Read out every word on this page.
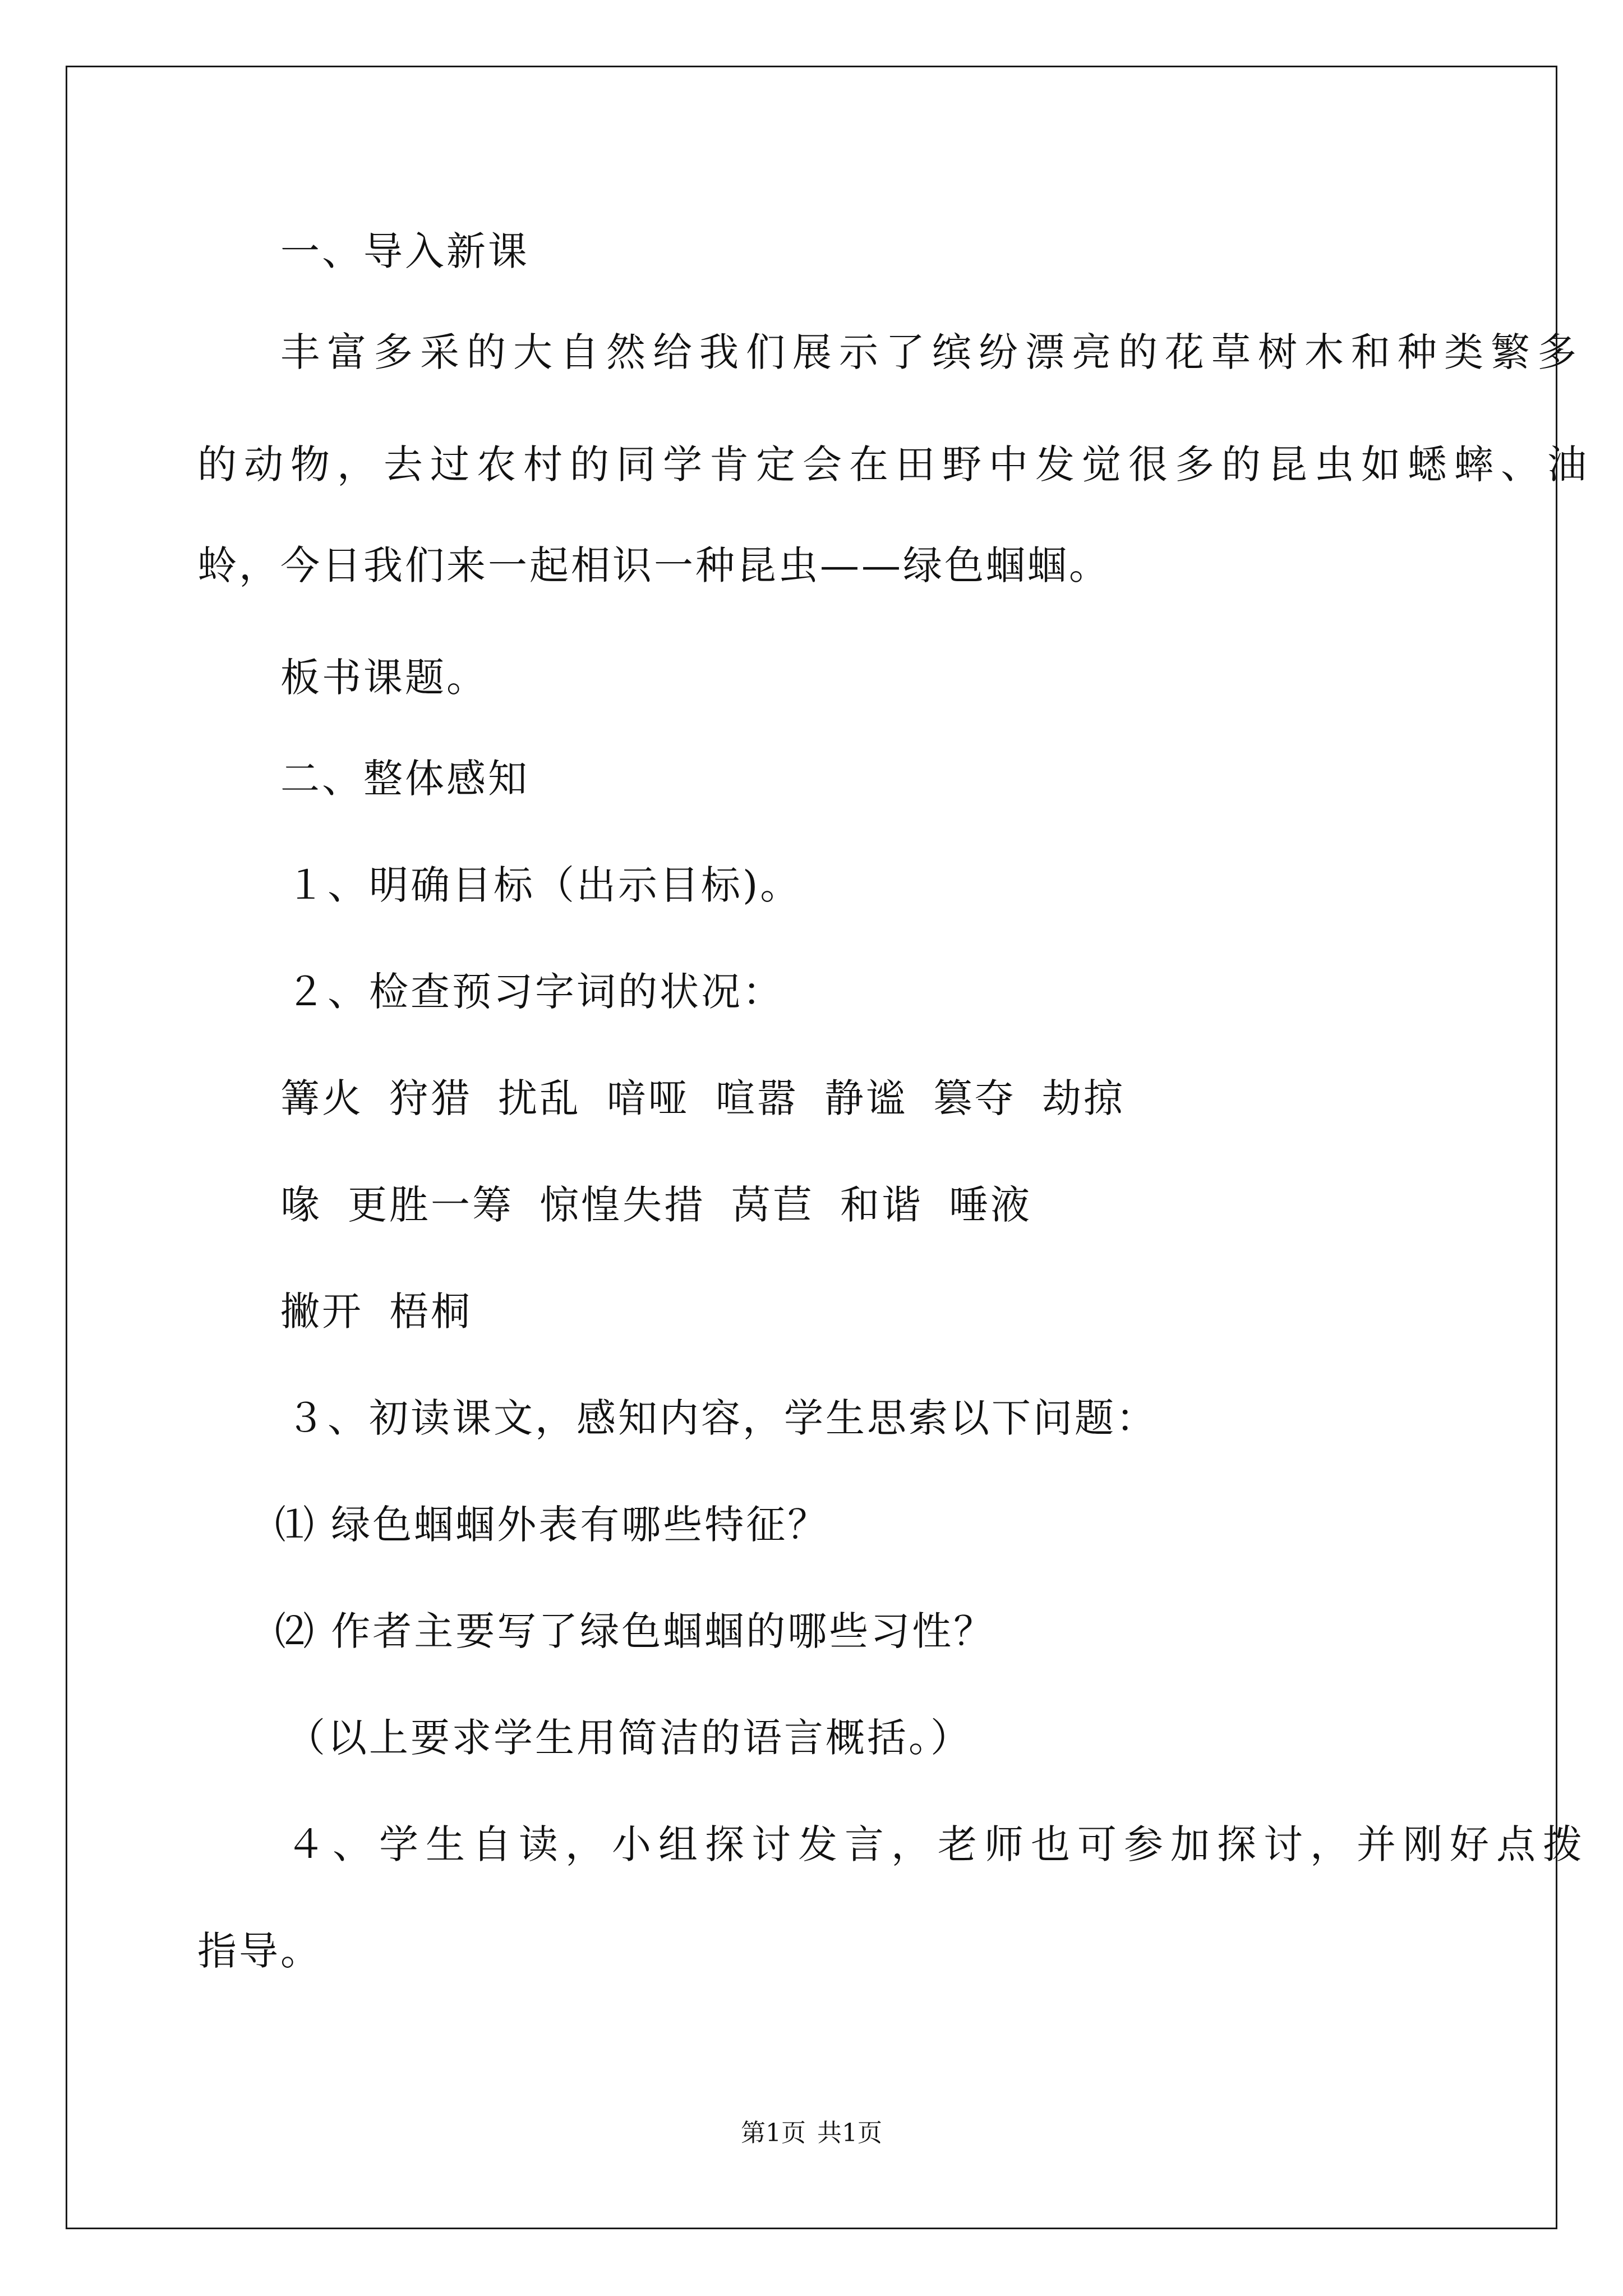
一、导入新课
丰富多采的大自然给我们展示了缤纷漂亮的花草树木和种类繁多
的动物，去过农村的同学肯定会在田野中发觉很多的昆虫如蟋蟀、油
蛉，今日我们来一起相识一种昆虫——绿色蝈蝈。
板书课题。
二、整体感知
１、明确目标（出示目标)。
２、检查预习字词的状况：
篝火 狩猎 扰乱 喑哑 喧嚣 静谧 篡夺 劫掠
喙 更胜一筹 惊惶失措 莴苣 和谐 唾液
撇开 梧桐
３、初读课文，感知内容，学生思索以下问题：
⑴ 绿色蝈蝈外表有哪些特征？
⑵ 作者主要写了绿色蝈蝈的哪些习性？
（以上要求学生用简洁的语言概括。）
４、学生自读，小组探讨发言，老师也可参加探讨，并刚好点拨
指导。
第1页 共1页
